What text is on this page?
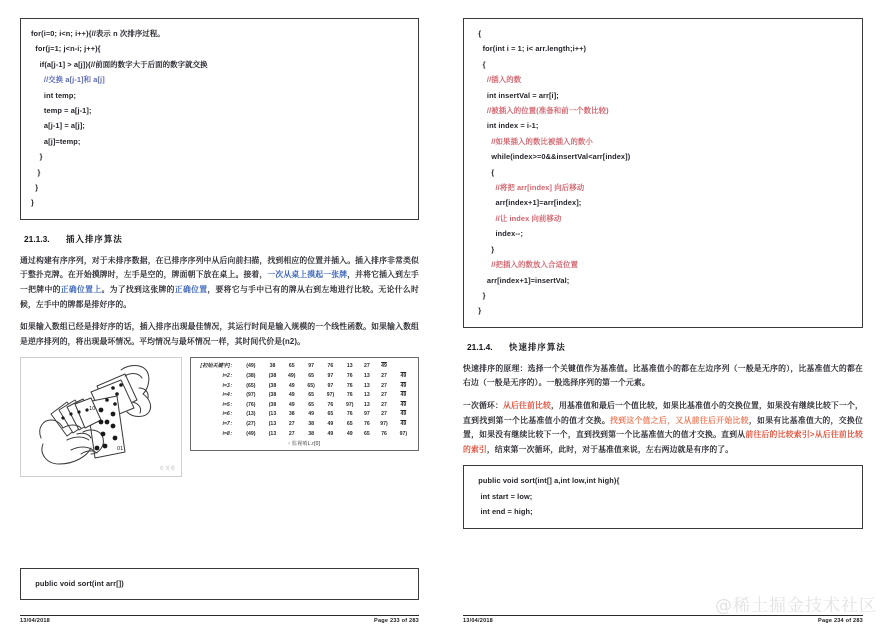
for(i=0; i<n; i++){//表示 n 次排序过程。
for(j=1; j<n-i; j++){
if(a[j-1] > a[j]){//前面的数字大于后面的数字就交换
//交换 a[j-1]和 a[j]
int temp;
temp = a[j-1];
a[j-1] = a[j];
a[j]=temp;
}
}
}
}
21.1.3. 插入排序算法

通过构建有序序列，对于未排序数据，在已排序序列中从后向前扫描，找到相应的位置并插入。插入排序非常类似于整扑克牌。在开始摸牌时，左手是空的，牌面朝下放在桌上。接着，一次从桌上摸起一张牌，并将它插入到左手一把牌中的正确位置上。为了找到这张牌的正确位置，要将它与手中已有的牌从右到左地进行比较。无论什么时候，左手中的牌都是排好序的。

如果输入数组已经是排好序的话，插入排序出现最佳情况，其运行时间是输入规模的一个线性函数。如果输入数组是逆序排列的，将出现最坏情况。平均情况与最坏情况一样，其时间代价是(n2)。

10
01
© 英费
[初始关键字]：	(49)	38	65	97	76	13	27	49	
i=2：	(38)	(38	49)	65	97	76	13	27	49
i=3：	(65)	(38	49	65)	97	76	13	27	49
i=4：	(97)	(38	49	65	97)	76	13	27	49
i=5：	(76)	(38	49	65	76	97)	13	27	49
i=6：	(13)	(13	38	49	65	76	97	27	49
i=7：	(27)	(13	27	38	49	65	76	97)	49
i=8：	(49)	(13	27	38	49	49	65	76	97)
↑ 监视哨L.r[0]
public void sort(int arr[])
13/04/2018	Page 233 of 283
{
for(int i = 1; i< arr.length;i++)
{
//插入的数
int insertVal = arr[i];
//被插入的位置(准备和前一个数比较)
int index = i-1;
//如果插入的数比被插入的数小
while(index>=0&&insertVal<arr[index])
{
//将把 arr[index] 向后移动
arr[index+1]=arr[index];
//让 index 向前移动
index--;
}
//把插入的数放入合适位置
arr[index+1]=insertVal;
}
}
21.1.4. 快速排序算法

快速排序的原理：选择一个关键值作为基准值。比基准值小的都在左边序列（一般是无序的），比基准值大的都在右边（一般是无序的）。一般选择序列的第一个元素。

一次循环：从后往前比较，用基准值和最后一个值比较，如果比基准值小的交换位置，如果没有继续比较下一个，直到找到第一个比基准值小的值才交换。找到这个值之后，又从前往后开始比较，如果有比基准值大的，交换位置，如果没有继续比较下一个，直到找到第一个比基准值大的值才交换。直到从前往后的比较索引>从后往前比较的索引，结束第一次循环，此时，对于基准值来说，左右两边就是有序的了。

public void sort(int[] a,int low,int high){
int start = low;
int end = high;
@稀土掘金技术社区
13/04/2018	Page 234 of 283
